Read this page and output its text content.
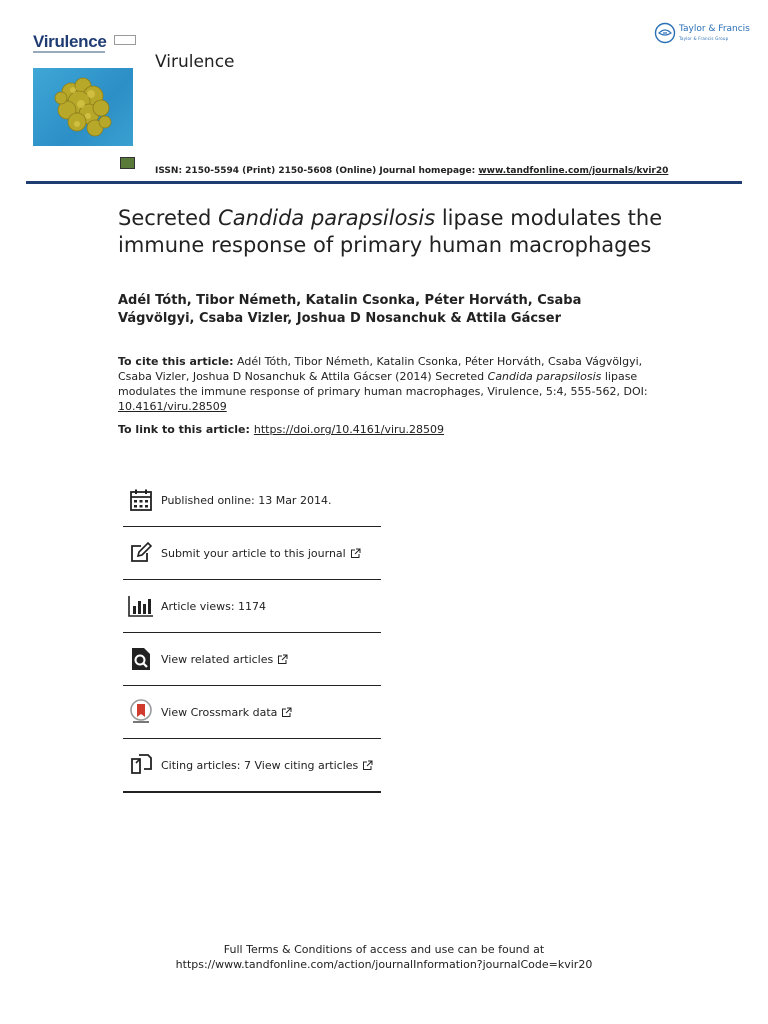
Virulence
Virulence
Taylor & Francis
Taylor & Francis Group
ISSN: 2150-5594 (Print) 2150-5608 (Online) Journal homepage: www.tandfonline.com/journals/kvir20
Secreted Candida parapsilosis lipase modulates the immune response of primary human macrophages
Adél Tóth, Tibor Németh, Katalin Csonka, Péter Horváth, Csaba Vágvölgyi, Csaba Vizler, Joshua D Nosanchuk & Attila Gácser
To cite this article: Adél Tóth, Tibor Németh, Katalin Csonka, Péter Horváth, Csaba Vágvölgyi, Csaba Vizler, Joshua D Nosanchuk & Attila Gácser (2014) Secreted Candida parapsilosis lipase modulates the immune response of primary human macrophages, Virulence, 5:4, 555-562, DOI: 10.4161/viru.28509
To link to this article: https://doi.org/10.4161/viru.28509
Published online: 13 Mar 2014.
Submit your article to this journal
Article views: 1174
View related articles
View Crossmark data
Citing articles: 7 View citing articles
Full Terms & Conditions of access and use can be found at
https://www.tandfonline.com/action/journalInformation?journalCode=kvir20
